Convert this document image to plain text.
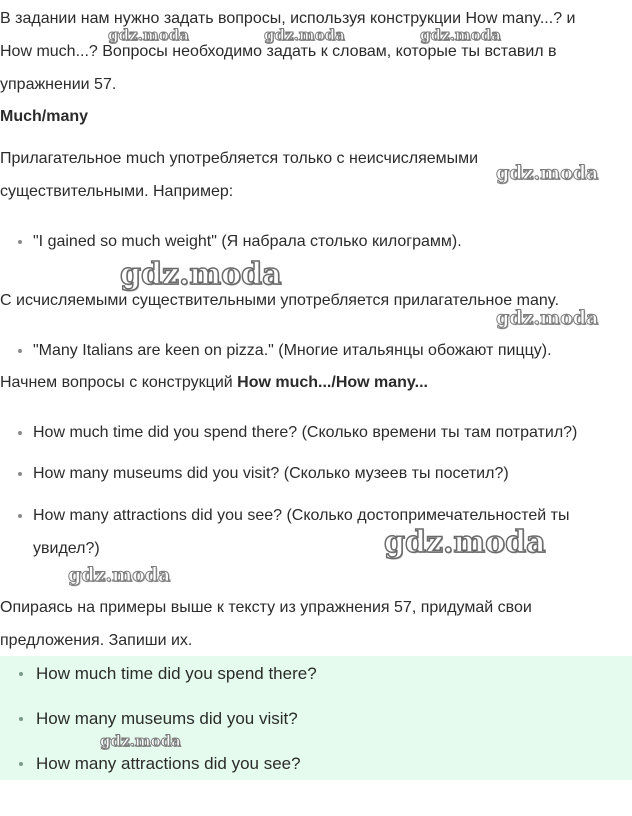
В задании нам нужно задать вопросы, используя конструкции How many...? и

How much...? Вопросы необходимо задать к словам, которые ты вставил в

упражнении 57.

Much/many

Прилагательное much употребляется только с неисчисляемыми

существительными. Например:

"I gained so much weight" (Я набрала столько килограмм).

С исчисляемыми существительными употребляется прилагательное many.

"Many Italians are keen on pizza." (Многие итальянцы обожают пиццу).

Начнем вопросы с конструкций How much.../How many...

How much time did you spend there? (Сколько времени ты там потратил?)
How many museums did you visit? (Сколько музеев ты посетил?)
How many attractions did you see? (Сколько достопримечательностей ты

увидел?)

Опираясь на примеры выше к тексту из упражнения 57, придумай свои

предложения. Запиши их.

How much time did you spend there?
How many museums did you visit?
How many attractions did you see?
gdz.moda	gdz.moda	gdz.moda
gdz.moda
gdz.moda
gdz.moda
gdz.moda
gdz.moda
gdz.moda
